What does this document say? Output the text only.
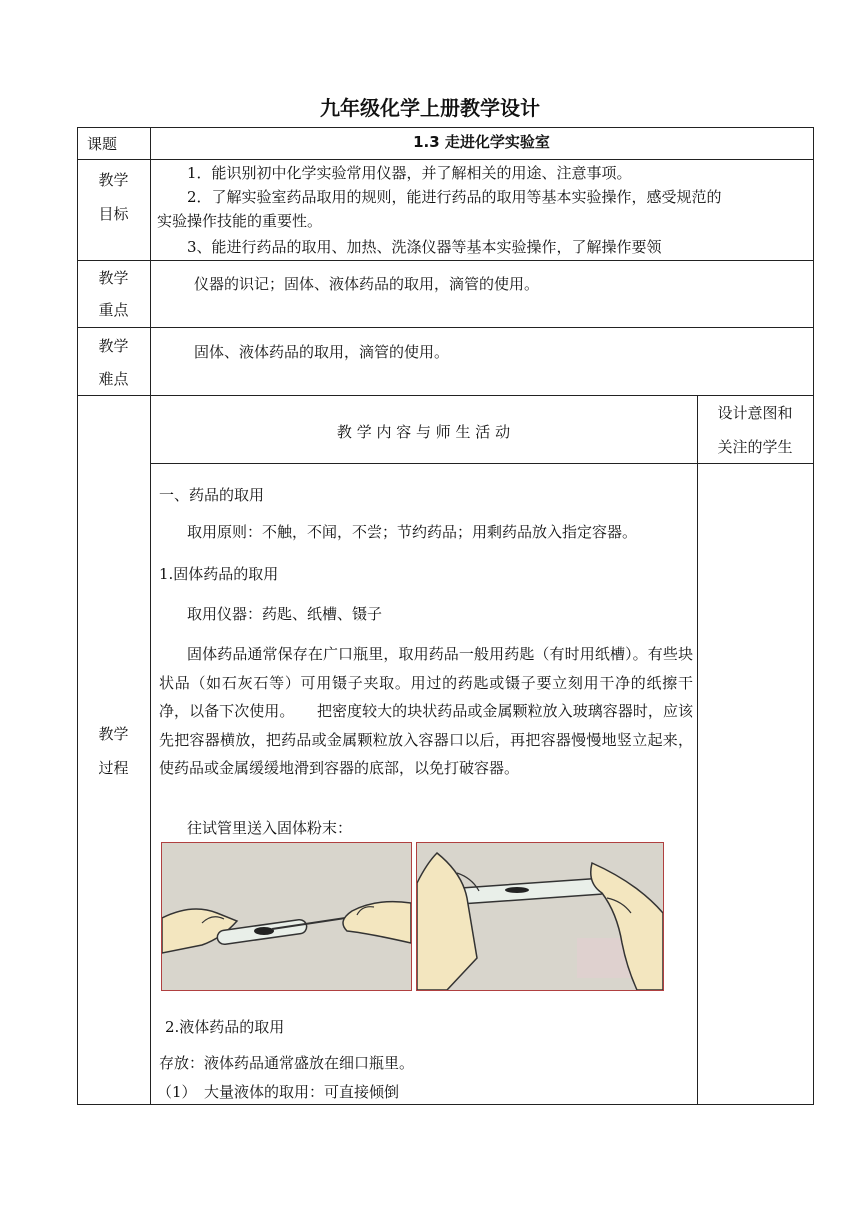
九年级化学上册教学设计
课题	1.3 走进化学实验室
教学
目标
1．能识别初中化学实验常用仪器，并了解相关的用途、注意事项。
2．了解实验室药品取用的规则，能进行药品的取用等基本实验操作，感受规范的
实验操作技能的重要性。
3、能进行药品的取用、加热、洗涤仪器等基本实验操作，了解操作要领
教学
重点
仪器的识记；固体、液体药品的取用，滴管的使用。
教学
难点
固体、液体药品的取用，滴管的使用。
教学
过程
教 学 内 容 与 师 生 活 动
设计意图和
关注的学生
一、药品的取用
取用原则：不触，不闻，不尝；节约药品；用剩药品放入指定容器。
1.固体药品的取用
取用仪器：药匙、纸槽、镊子
固体药品通常保存在广口瓶里，取用药品一般用药匙（有时用纸槽）。有些块状品（如石灰石等）可用镊子夹取。用过的药匙或镊子要立刻用干净的纸擦干净，以备下次使用。　　把密度较大的块状药品或金属颗粒放入玻璃容器时，应该先把容器横放，把药品或金属颗粒放入容器口以后，再把容器慢慢地竖立起来，使药品或金属缓缓地滑到容器的底部，以免打破容器。
往试管里送入固体粉末：
2.液体药品的取用
存放：液体药品通常盛放在细口瓶里。
（1）　大量液体的取用：可直接倾倒
